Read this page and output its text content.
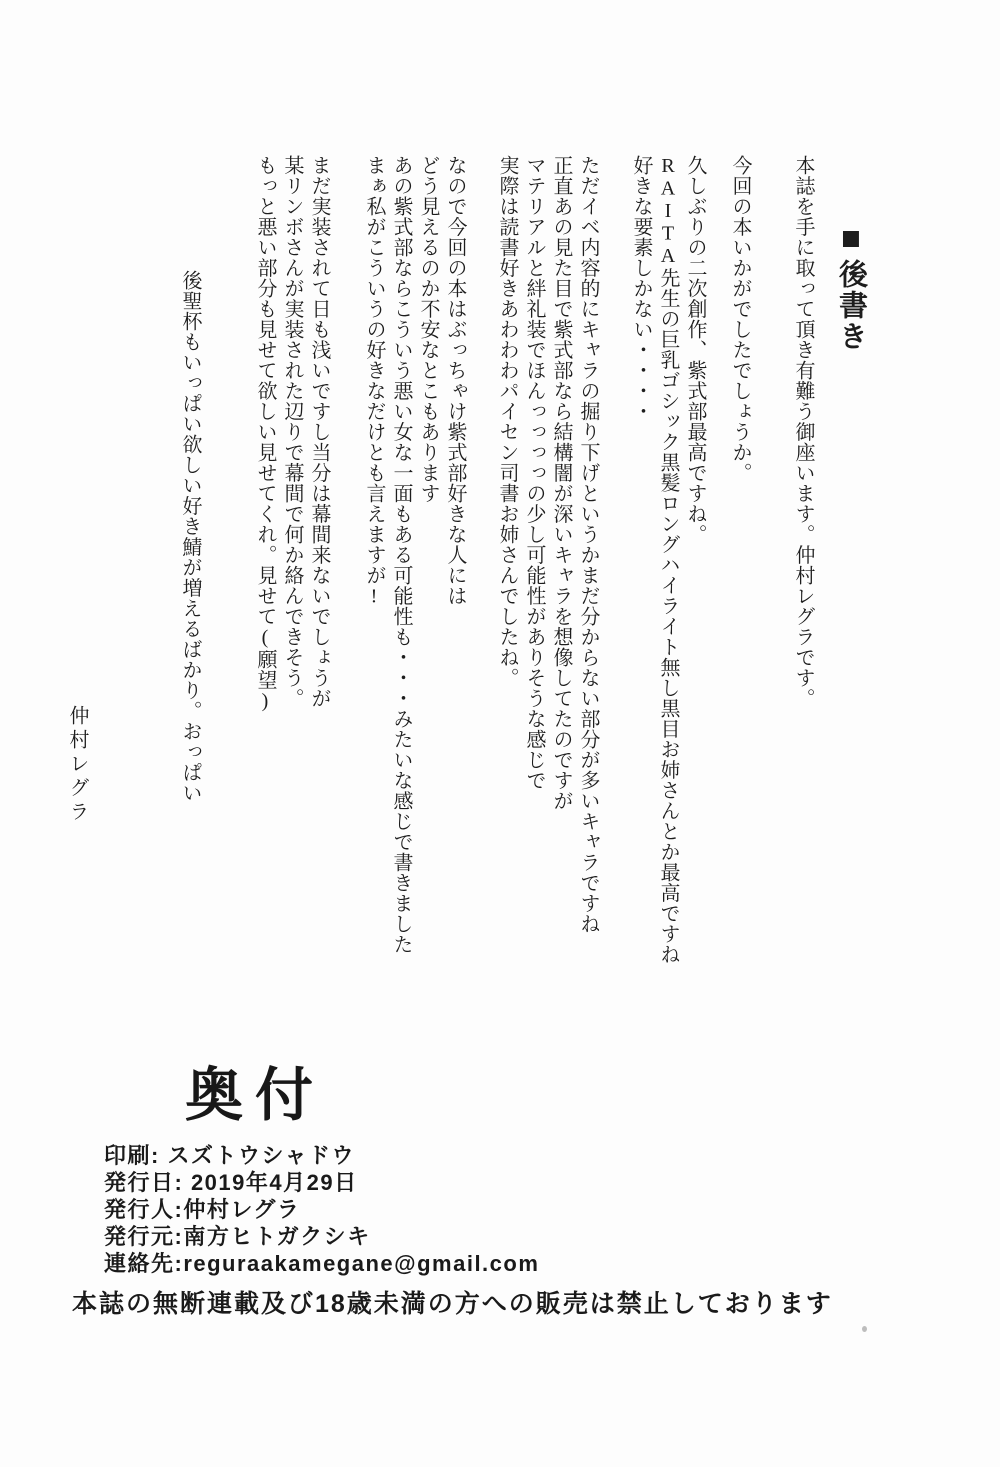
■後書き

本誌を手に取って頂き有難う御座います。仲村レグラです。

今回の本いかがでしたでしょうか。

久しぶりの二次創作、紫式部最高ですね。

RAITA先生の巨乳ゴシック黒髪ロングハイライト無し黒目お姉さんとか最高ですね

好きな要素しかない・・・・

ただイベ内容的にキャラの掘り下げというかまだ分からない部分が多いキャラですね

正直あの見た目で紫式部なら結構闇が深いキャラを想像してたのですが

マテリアルと絆礼装でほんっっっっの少し可能性がありそうな感じで

実際は読書好きあわわわパイセン司書お姉さんでしたね。

なので今回の本はぶっちゃけ紫式部好きな人には

どう見えるのか不安なとこもあります

あの紫式部ならこういう悪い女な一面もある可能性も・・・みたいな感じで書きました

まぁ私がこういうの好きなだけとも言えますが!

まだ実装されて日も浅いですし当分は幕間来ないでしょうが

某リンボさんが実装された辺りで幕間で何か絡んできそう。

もっと悪い部分も見せて欲しい見せてくれ。見せて(願望)

後聖杯もいっぱい欲しい好き鯖が増えるばかり。おっぱい

仲村レグラ

奥付

印刷: スズトウシャドウ

発行日: 2019年4月29日

発行人:仲村レグラ

発行元:南方ヒトガクシキ

連絡先:reguraakamegane@gmail.com

本誌の無断連載及び18歳未満の方への販売は禁止しております
